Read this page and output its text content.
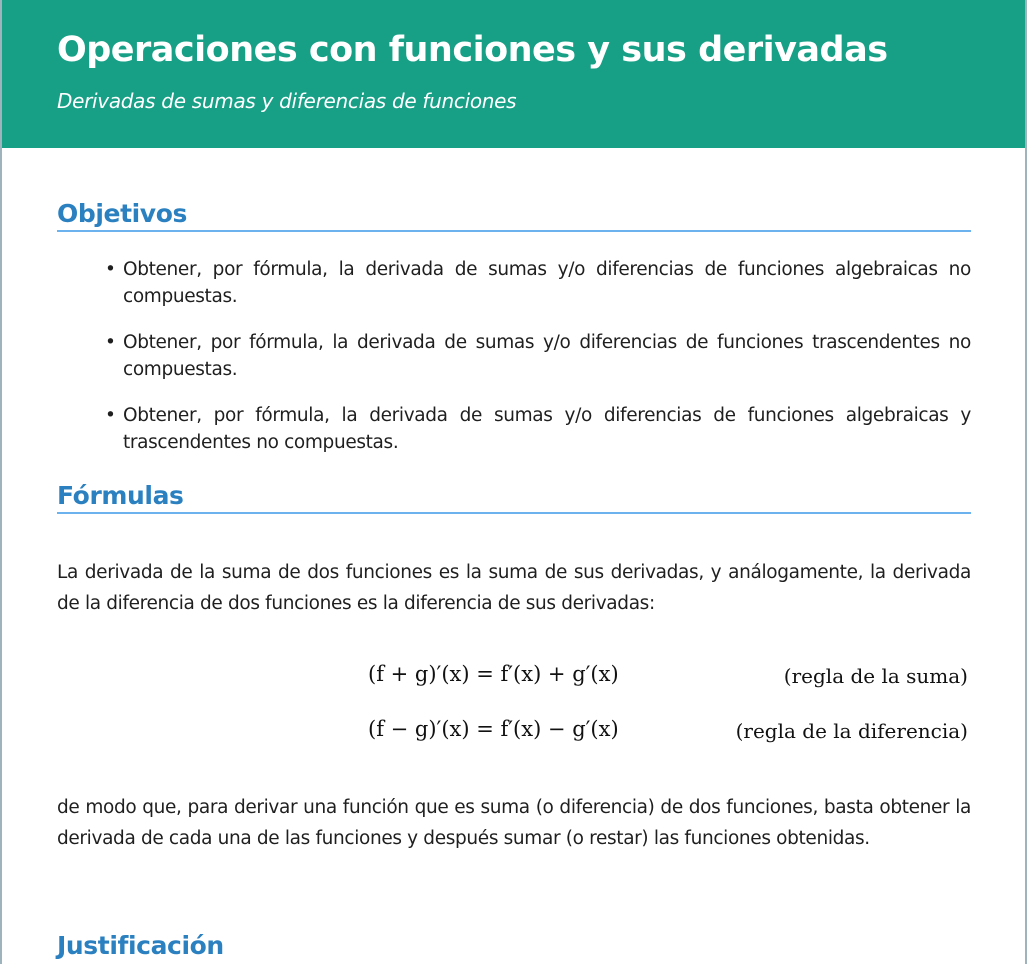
Operaciones con funciones y sus derivadas

Derivadas de sumas y diferencias de funciones

Objetivos
• Obtener, por fórmula, la derivada de sumas y/o diferencias de funciones algebraicas no compuestas.
• Obtener, por fórmula, la derivada de sumas y/o diferencias de funciones trascendentes no compuestas.
• Obtener, por fórmula, la derivada de sumas y/o diferencias de funciones algebraicas y trascendentes no compuestas.
Fórmulas

La derivada de la suma de dos funciones es la suma de sus derivadas, y análogamente, la derivada de la diferencia de dos funciones es la diferencia de sus derivadas:

(f + g)′(x) = f′(x) + g′(x)	(regla de la suma)
(f − g)′(x) = f′(x) − g′(x)	(regla de la diferencia)

de modo que, para derivar una función que es suma (o diferencia) de dos funciones, basta obtener la derivada de cada una de las funciones y después sumar (o restar) las funciones obtenidas.

Justificación
